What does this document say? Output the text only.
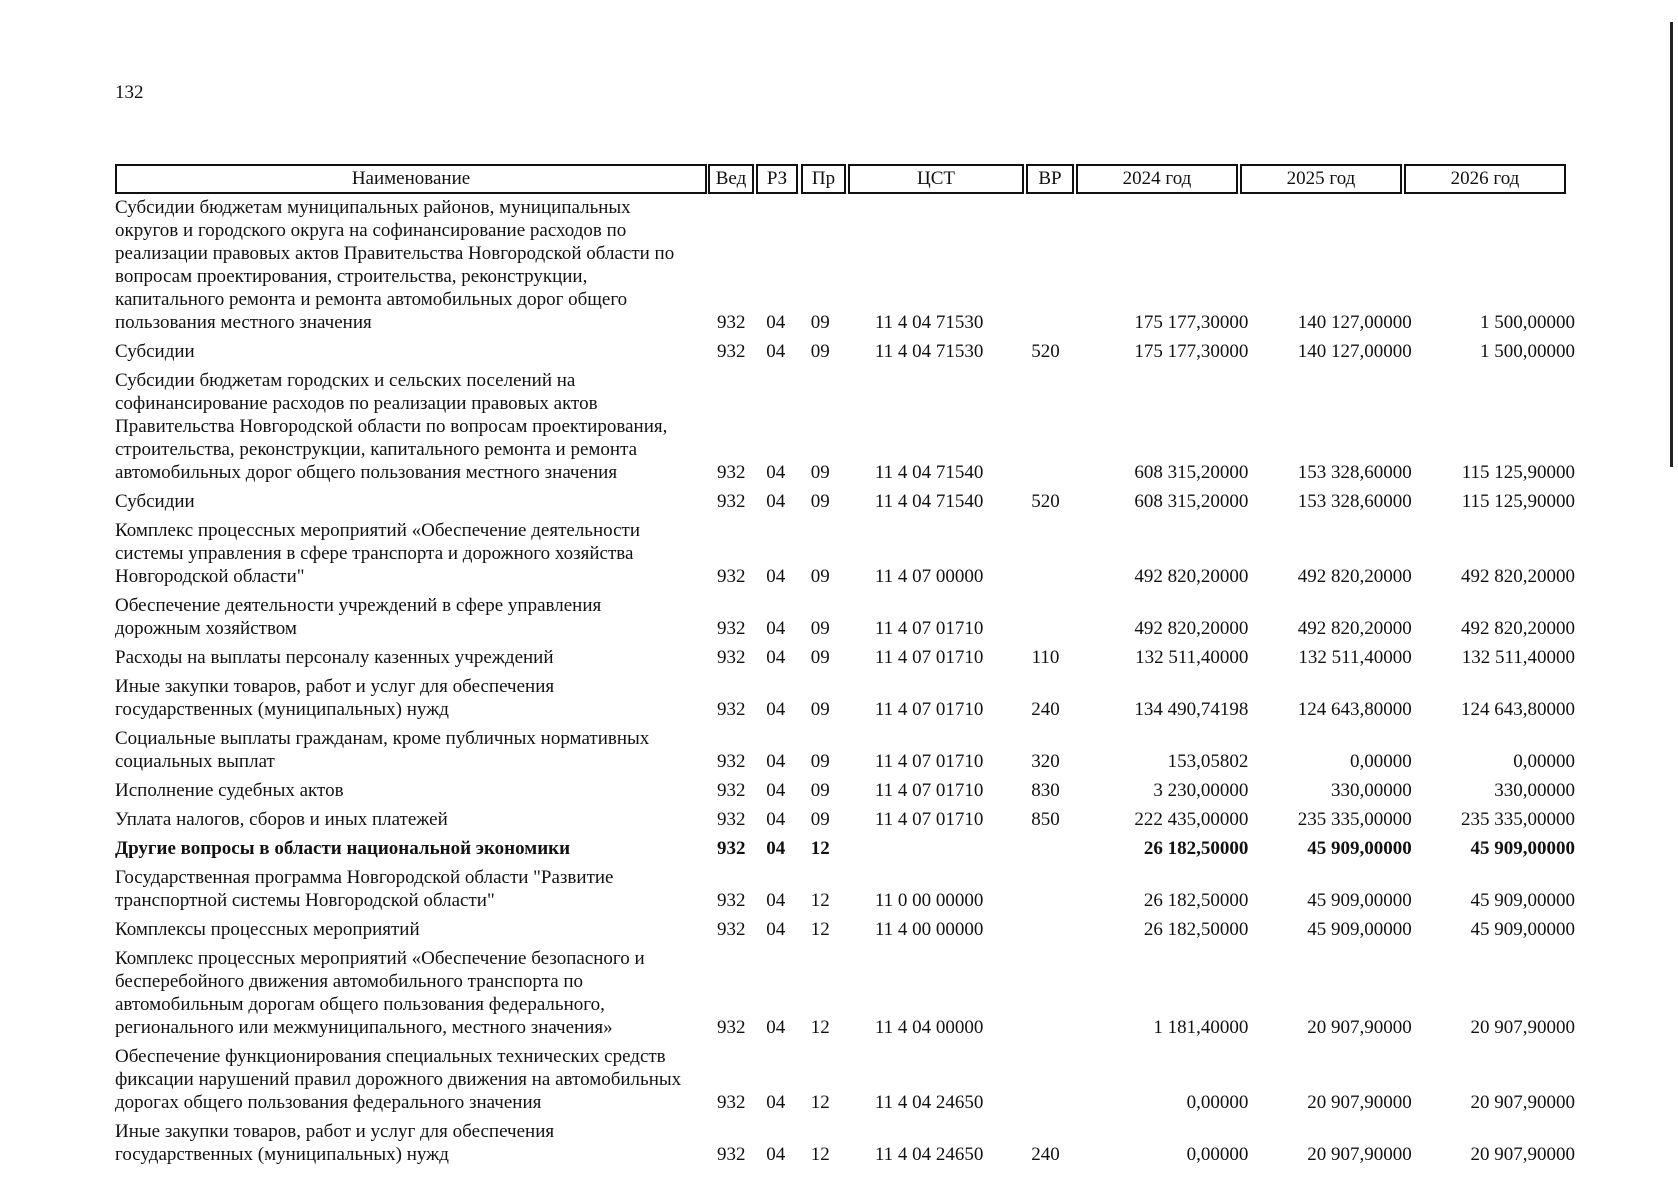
132
Наименование	Вед	РЗ	Пр	ЦСТ	ВР	2024 год	2025 год	2026 год
Субсидии бюджетам муниципальных районов, муниципальных
округов и городского округа на софинансирование расходов по
реализации правовых актов Правительства Новгородской области по
вопросам проектирования, строительства, реконструкции,
капитального ремонта и ремонта автомобильных дорог общего
пользования местного значения	932	04	09	11 4 04 71530	175 177,30000	140 127,00000	1 500,00000
Субсидии	932	04	09	11 4 04 71530	520	175 177,30000	140 127,00000	1 500,00000
Субсидии бюджетам городских и сельских поселений на
софинансирование расходов по реализации правовых актов
Правительства Новгородской области по вопросам проектирования,
строительства, реконструкции, капитального ремонта и ремонта
автомобильных дорог общего пользования местного значения	932	04	09	11 4 04 71540	608 315,20000	153 328,60000	115 125,90000
Субсидии	932	04	09	11 4 04 71540	520	608 315,20000	153 328,60000	115 125,90000
Комплекс процессных мероприятий «Обеспечение деятельности
системы управления в сфере транспорта и дорожного хозяйства
Новгородской области"	932	04	09	11 4 07 00000	492 820,20000	492 820,20000	492 820,20000
Обеспечение деятельности учреждений в сфере управления
дорожным хозяйством	932	04	09	11 4 07 01710	492 820,20000	492 820,20000	492 820,20000
Расходы на выплаты персоналу казенных учреждений	932	04	09	11 4 07 01710	110	132 511,40000	132 511,40000	132 511,40000
Иные закупки товаров, работ и услуг для обеспечения
государственных (муниципальных) нужд	932	04	09	11 4 07 01710	240	134 490,74198	124 643,80000	124 643,80000
Социальные выплаты гражданам, кроме публичных нормативных
социальных выплат	932	04	09	11 4 07 01710	320	153,05802	0,00000	0,00000
Исполнение судебных актов	932	04	09	11 4 07 01710	830	3 230,00000	330,00000	330,00000
Уплата налогов, сборов и иных платежей	932	04	09	11 4 07 01710	850	222 435,00000	235 335,00000	235 335,00000
Другие вопросы в области национальной экономики	932	04	12	26 182,50000	45 909,00000	45 909,00000
Государственная программа Новгородской области "Развитие
транспортной системы Новгородской области"	932	04	12	11 0 00 00000	26 182,50000	45 909,00000	45 909,00000
Комплексы процессных мероприятий	932	04	12	11 4 00 00000	26 182,50000	45 909,00000	45 909,00000
Комплекс процессных мероприятий «Обеспечение безопасного и
бесперебойного движения автомобильного транспорта по
автомобильным дорогам общего пользования федерального,
регионального или межмуниципального, местного значения»	932	04	12	11 4 04 00000	1 181,40000	20 907,90000	20 907,90000
Обеспечение функционирования специальных технических средств
фиксации нарушений правил дорожного движения на автомобильных
дорогах общего пользования федерального значения	932	04	12	11 4 04 24650	0,00000	20 907,90000	20 907,90000
Иные закупки товаров, работ и услуг для обеспечения
государственных (муниципальных) нужд	932	04	12	11 4 04 24650	240	0,00000	20 907,90000	20 907,90000
